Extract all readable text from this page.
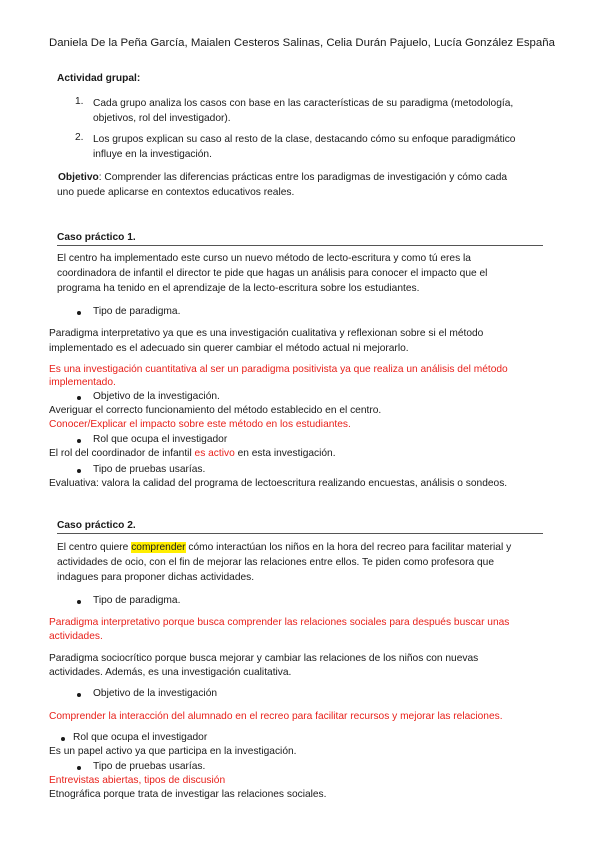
Daniela De la Peña García, Maialen Cesteros Salinas, Celia Durán Pajuelo, Lucía González España

Actividad grupal:

1. Cada grupo analiza los casos con base en las características de su paradigma (metodología,

objetivos, rol del investigador).

2. Los grupos explican su caso al resto de la clase, destacando cómo su enfoque paradigmático

influye en la investigación.

Objetivo: Comprender las diferencias prácticas entre los paradigmas de investigación y cómo cada

uno puede aplicarse en contextos educativos reales.

Caso práctico 1.

El centro ha implementado este curso un nuevo método de lecto-escritura y como tú eres la

coordinadora de infantil el director te pide que hagas un análisis para conocer el impacto que el

programa ha tenido en el aprendizaje de la lecto-escritura sobre los estudiantes.

Tipo de paradigma.

Paradigma interpretativo ya que es una investigación cualitativa y reflexionan sobre si el método

implementado es el adecuado sin querer cambiar el método actual ni mejorarlo.

Es una investigación cuantitativa al ser un paradigma positivista ya que realiza un análisis del método

implementado.

Objetivo de la investigación.

Averiguar el correcto funcionamiento del método establecido en el centro.

Conocer/Explicar el impacto sobre este método en los estudiantes.

Rol que ocupa el investigador

El rol del coordinador de infantil es activo en esta investigación.

Tipo de pruebas usarías.

Evaluativa: valora la calidad del programa de lectoescritura realizando encuestas, análisis o sondeos.

Caso práctico 2.

El centro quiere comprender cómo interactúan los niños en la hora del recreo para facilitar material y

actividades de ocio, con el fin de mejorar las relaciones entre ellos. Te piden como profesora que

indagues para proponer dichas actividades.

Tipo de paradigma.

Paradigma interpretativo porque busca comprender las relaciones sociales para después buscar unas

actividades.

Paradigma sociocrítico porque busca mejorar y cambiar las relaciones de los niños con nuevas

actividades. Además, es una investigación cualitativa.

Objetivo de la investigación

Comprender la interacción del alumnado en el recreo para facilitar recursos y mejorar las relaciones.

Rol que ocupa el investigador

Es un papel activo ya que participa en la investigación.

Tipo de pruebas usarías.

Entrevistas abiertas, tipos de discusión

Etnográfica porque trata de investigar las relaciones sociales.
